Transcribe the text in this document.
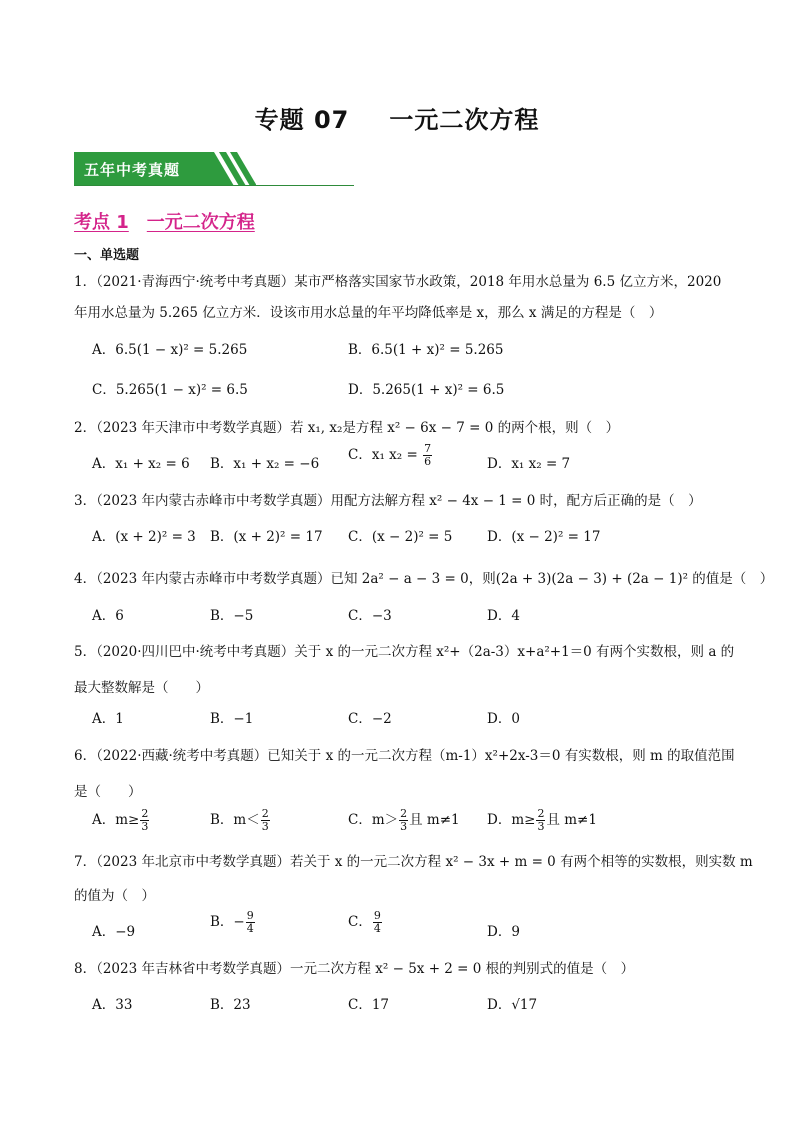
专题 07 一元二次方程
五年中考真题
考点 1 一元二次方程
一、单选题
1．（2021·青海西宁·统考中考真题）某市严格落实国家节水政策，2018 年用水总量为 6.5 亿立方米，2020
年用水总量为 5.265 亿立方米．设该市用水总量的年平均降低率是 x，那么 x 满足的方程是（　）
A．6.5(1 − x)² = 5.265	B．6.5(1 + x)² = 5.265
C．5.265(1 − x)² = 6.5	D．5.265(1 + x)² = 6.5
2．（2023 年天津市中考数学真题）若 x₁, x₂是方程 x² − 6x − 7 = 0 的两个根，则（　）
A．x₁ + x₂ = 6 B．x₁ + x₂ = −6
C．x₁ $x_2 = \frac{7}{6}$	D．x₁ x₂ = 7
3．（2023 年内蒙古赤峰市中考数学真题）用配方法解方程 x² − 4x − 1 = 0 时，配方后正确的是（　）
A．(x + 2)² = 3 B．(x + 2)² = 17 C．(x − 2)² = 5	D．(x − 2)² = 17
4．（2023 年内蒙古赤峰市中考数学真题）已知 2a² − a − 3 = 0，则(2a + 3)(2a − 3) + (2a − 1)² 的值是（　）
A．6	B．−5	C．−3	D．4
5．（2020·四川巴中·统考中考真题）关于 x 的一元二次方程 x²+（2a-3）x+a²+1＝0 有两个实数根，则 a 的
最大整数解是（　　）
A．1	B．−1	C．−2	D．0
6．（2022·西藏·统考中考真题）已知关于 x 的一元二次方程（m-1）x²+2x-3＝0 有实数根，则 m 的取值范围
是（　　）
A．$m\ge \frac{2}{3}$	B．$m< \frac{2}{3}$	C．$m> \frac{2}{3}$ 且 m≠1 D．$m\ge \frac{2}{3}$ 且 m≠1
7．（2023 年北京市中考数学真题）若关于 x 的一元二次方程 x² − 3x + m = 0 有两个相等的实数根，则实数 m
的值为（　）
A．−9
B．− $\frac{9}{4}$	C． $\frac{9}{4}$	D．9
8．（2023 年吉林省中考数学真题）一元二次方程 x² − 5x + 2 = 0 根的判别式的值是（　）
A．33	B．23	C．17	D．√17
